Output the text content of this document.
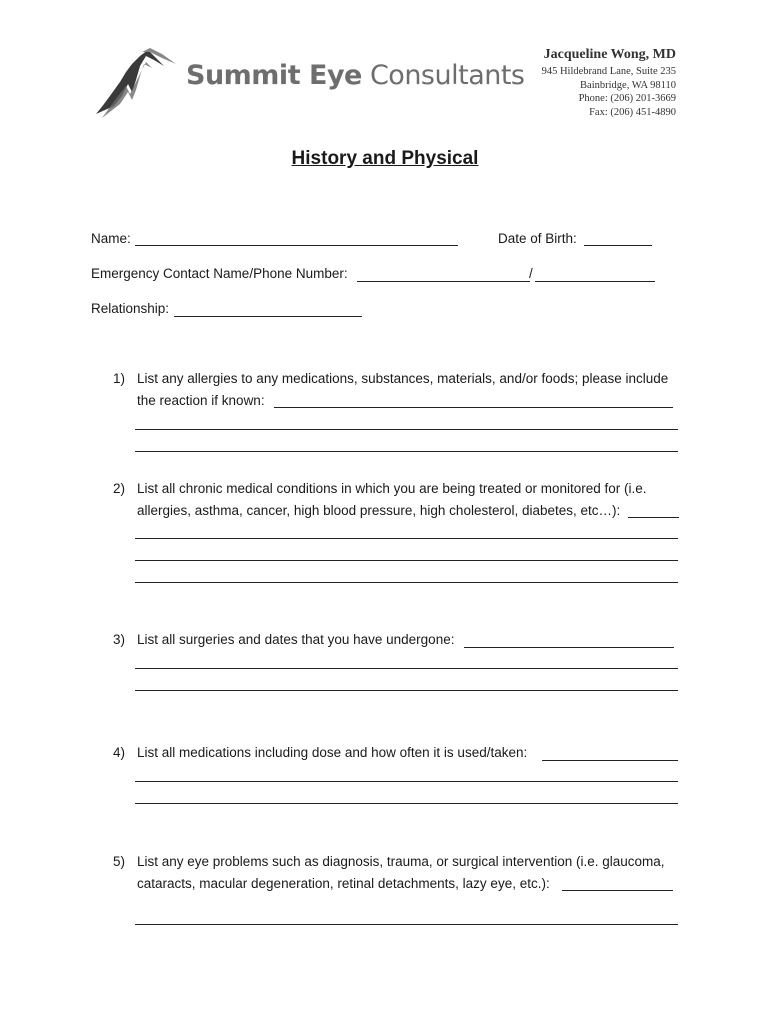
Summit Eye Consultants
Jacqueline Wong, MD
945 Hildebrand Lane, Suite 235
Bainbridge, WA 98110
Phone: (206) 201-3669
Fax: (206) 451-4890
History and Physical
Name:	Date of Birth:
Emergency Contact Name/Phone Number:	/
Relationship:
1) List any allergies to any medications, substances, materials, and/or foods; please include
the reaction if known:
2) List all chronic medical conditions in which you are being treated or monitored for (i.e.
allergies, asthma, cancer, high blood pressure, high cholesterol, diabetes, etc…):
3) List all surgeries and dates that you have undergone:
4) List all medications including dose and how often it is used/taken:
5) List any eye problems such as diagnosis, trauma, or surgical intervention (i.e. glaucoma,
cataracts, macular degeneration, retinal detachments, lazy eye, etc.):
